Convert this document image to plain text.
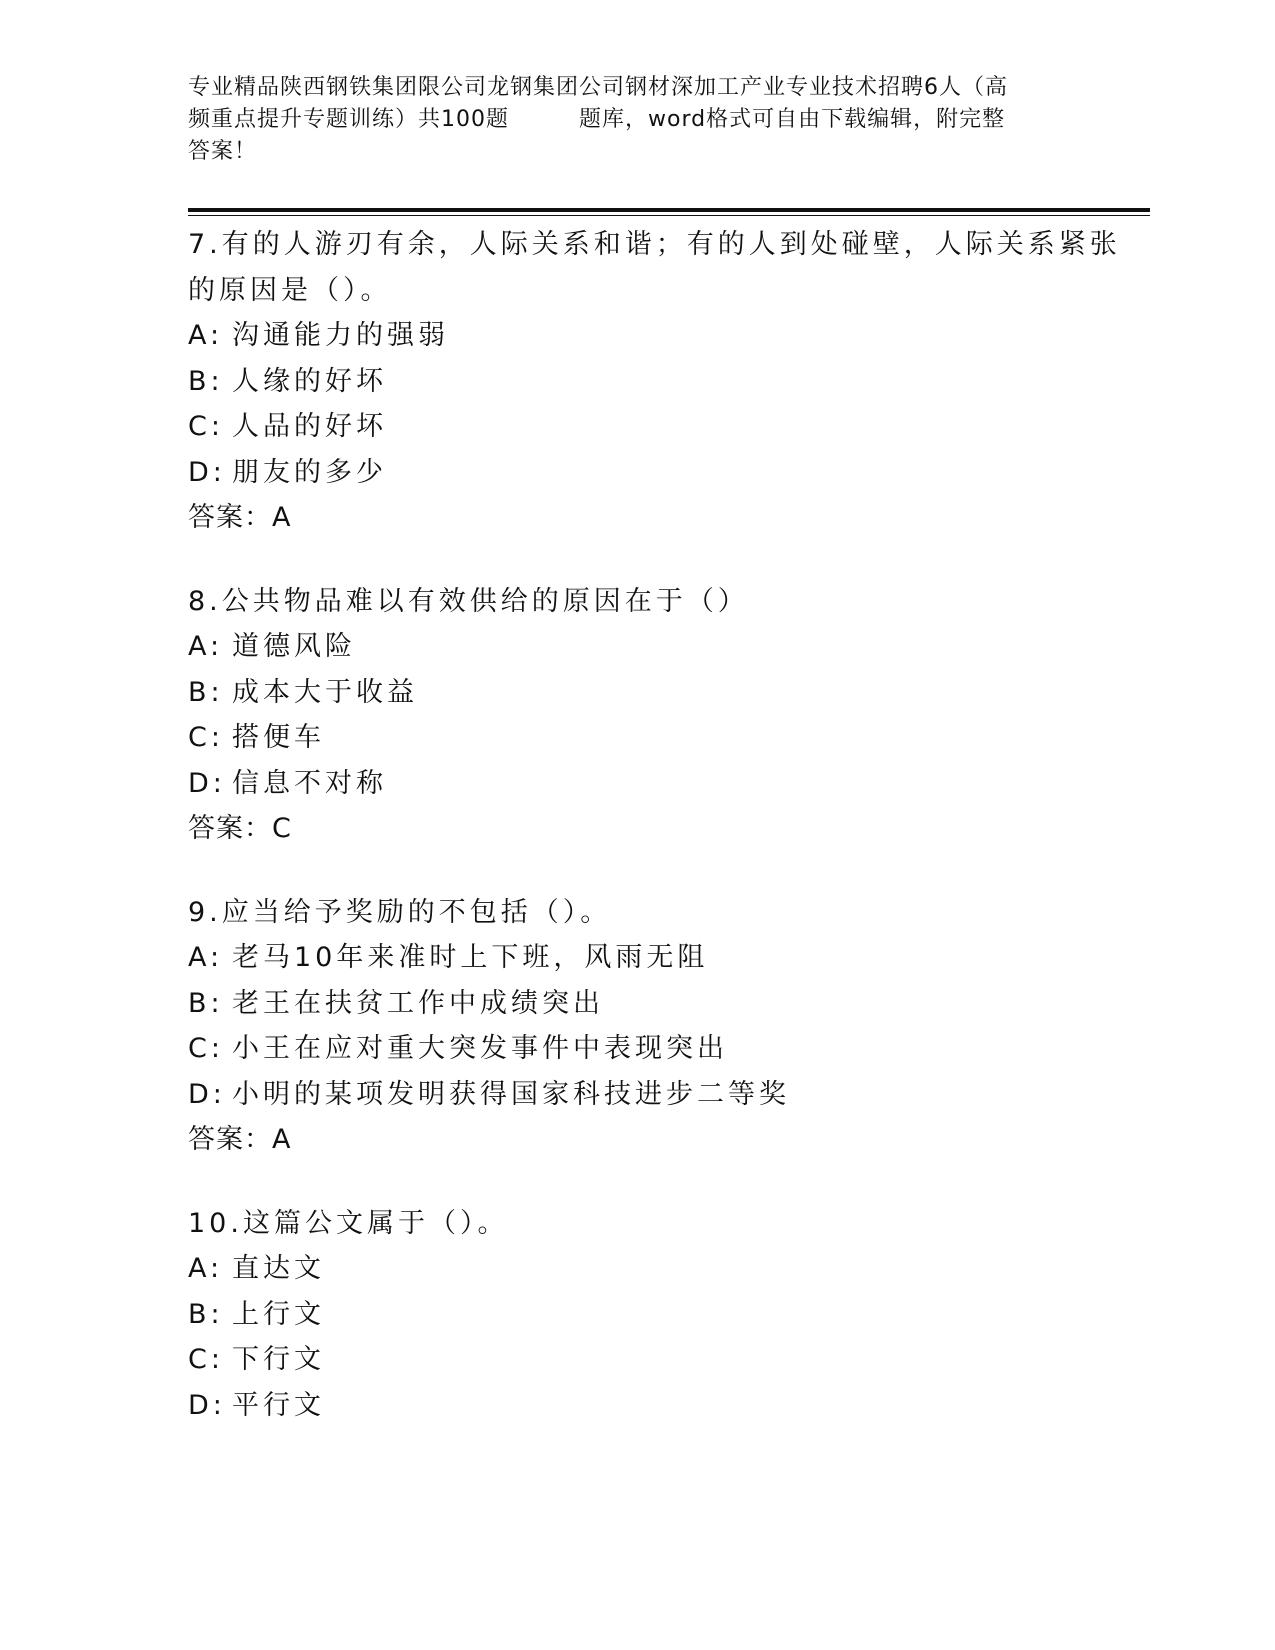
专业精品陕西钢铁集团限公司龙钢集团公司钢材深加工产业专业技术招聘6人（高
频重点提升专题训练）共100题	题库，word格式可自由下载编辑，附完整
答案！
7.有的人游刃有余，人际关系和谐；有的人到处碰壁，人际关系紧张
的原因是（）。
A: 沟通能力的强弱
B: 人缘的好坏
C: 人品的好坏
D: 朋友的多少
答案：A
8.公共物品难以有效供给的原因在于（）
A: 道德风险
B: 成本大于收益
C: 搭便车
D: 信息不对称
答案：C
9.应当给予奖励的不包括（）。
A: 老马10年来准时上下班，风雨无阻
B: 老王在扶贫工作中成绩突出
C: 小王在应对重大突发事件中表现突出
D: 小明的某项发明获得国家科技进步二等奖
答案：A
10.这篇公文属于（）。
A: 直达文
B: 上行文
C: 下行文
D: 平行文
